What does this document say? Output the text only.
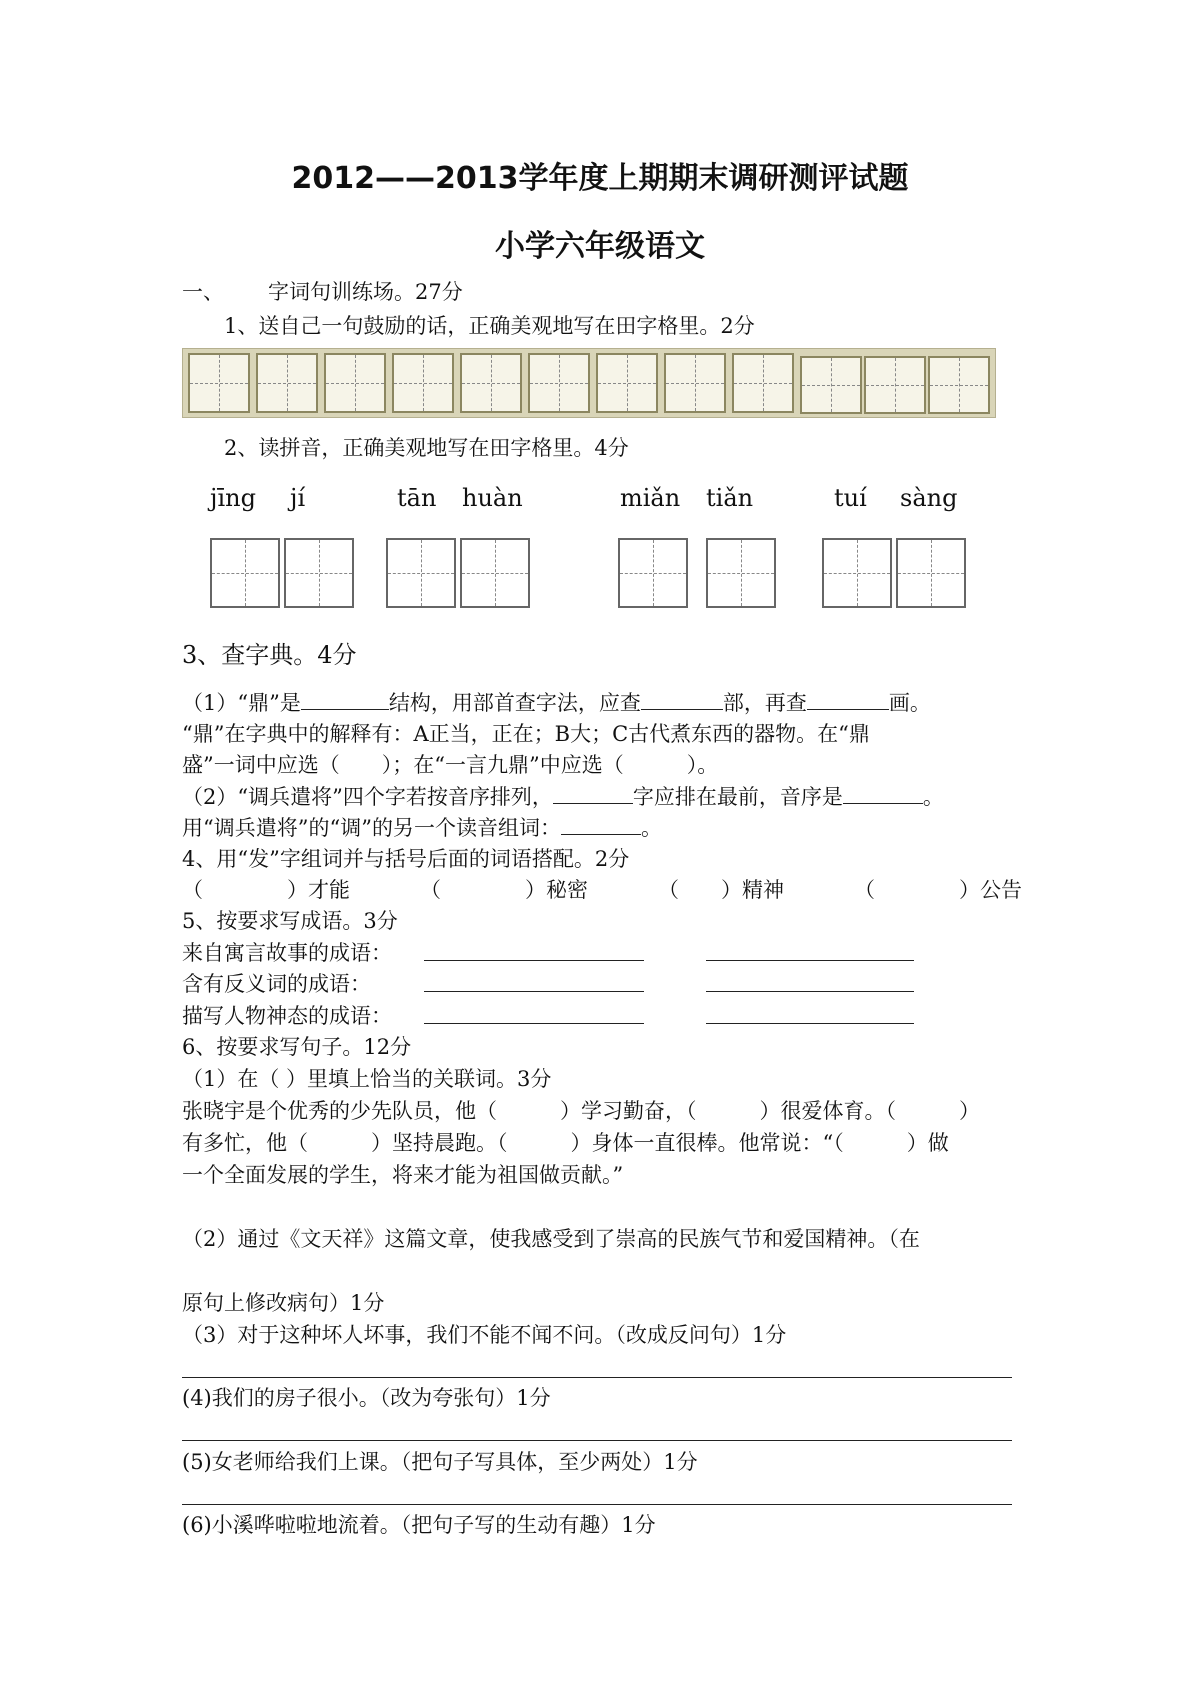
2012——2013学年度上期期末调研测评试题
小学六年级语文
一、 字词句训练场。27分
1、送自己一句鼓励的话，正确美观地写在田字格里。2分
2、读拼音，正确美观地写在田字格里。4分
jīng jí	tān huàn	miǎn tiǎn	tuí sàng
3、查字典。4分
（1）“鼎”是	结构，用部首查字法，应查	部，再查	画。
“鼎”在字典中的解释有：A正当，正在；B大；C古代煮东西的器物。在“鼎
盛”一词中应选（　　）；在“一言九鼎”中应选（　　　）。
（2）“调兵遣将”四个字若按音序排列，	字应排在最前，音序是	。
用“调兵遣将”的“调”的另一个读音组词：	。
4、用“发”字组词并与括号后面的词语搭配。2分
（　　　　）才能	（　　　　）秘密	（　　）精神	（　　　　）公告
5、按要求写成语。3分
来自寓言故事的成语：
含有反义词的成语：
描写人物神态的成语：
6、按要求写句子。12分
（1）在（ ）里填上恰当的关联词。3分
张晓宇是个优秀的少先队员，他（　　　）学习勤奋，（　　　）很爱体育。（　　　）
有多忙，他（　　　）坚持晨跑。（　　　）身体一直很棒。他常说：“（　　　）做
一个全面发展的学生，将来才能为祖国做贡献。”
（2）通过《文天祥》这篇文章，使我感受到了崇高的民族气节和爱国精神。（在
原句上修改病句）1分
（3）对于这种坏人坏事，我们不能不闻不问。（改成反问句）1分
(4)我们的房子很小。（改为夸张句）1分
(5)女老师给我们上课。（把句子写具体，至少两处）1分
(6)小溪哗啦啦地流着。（把句子写的生动有趣）1分
